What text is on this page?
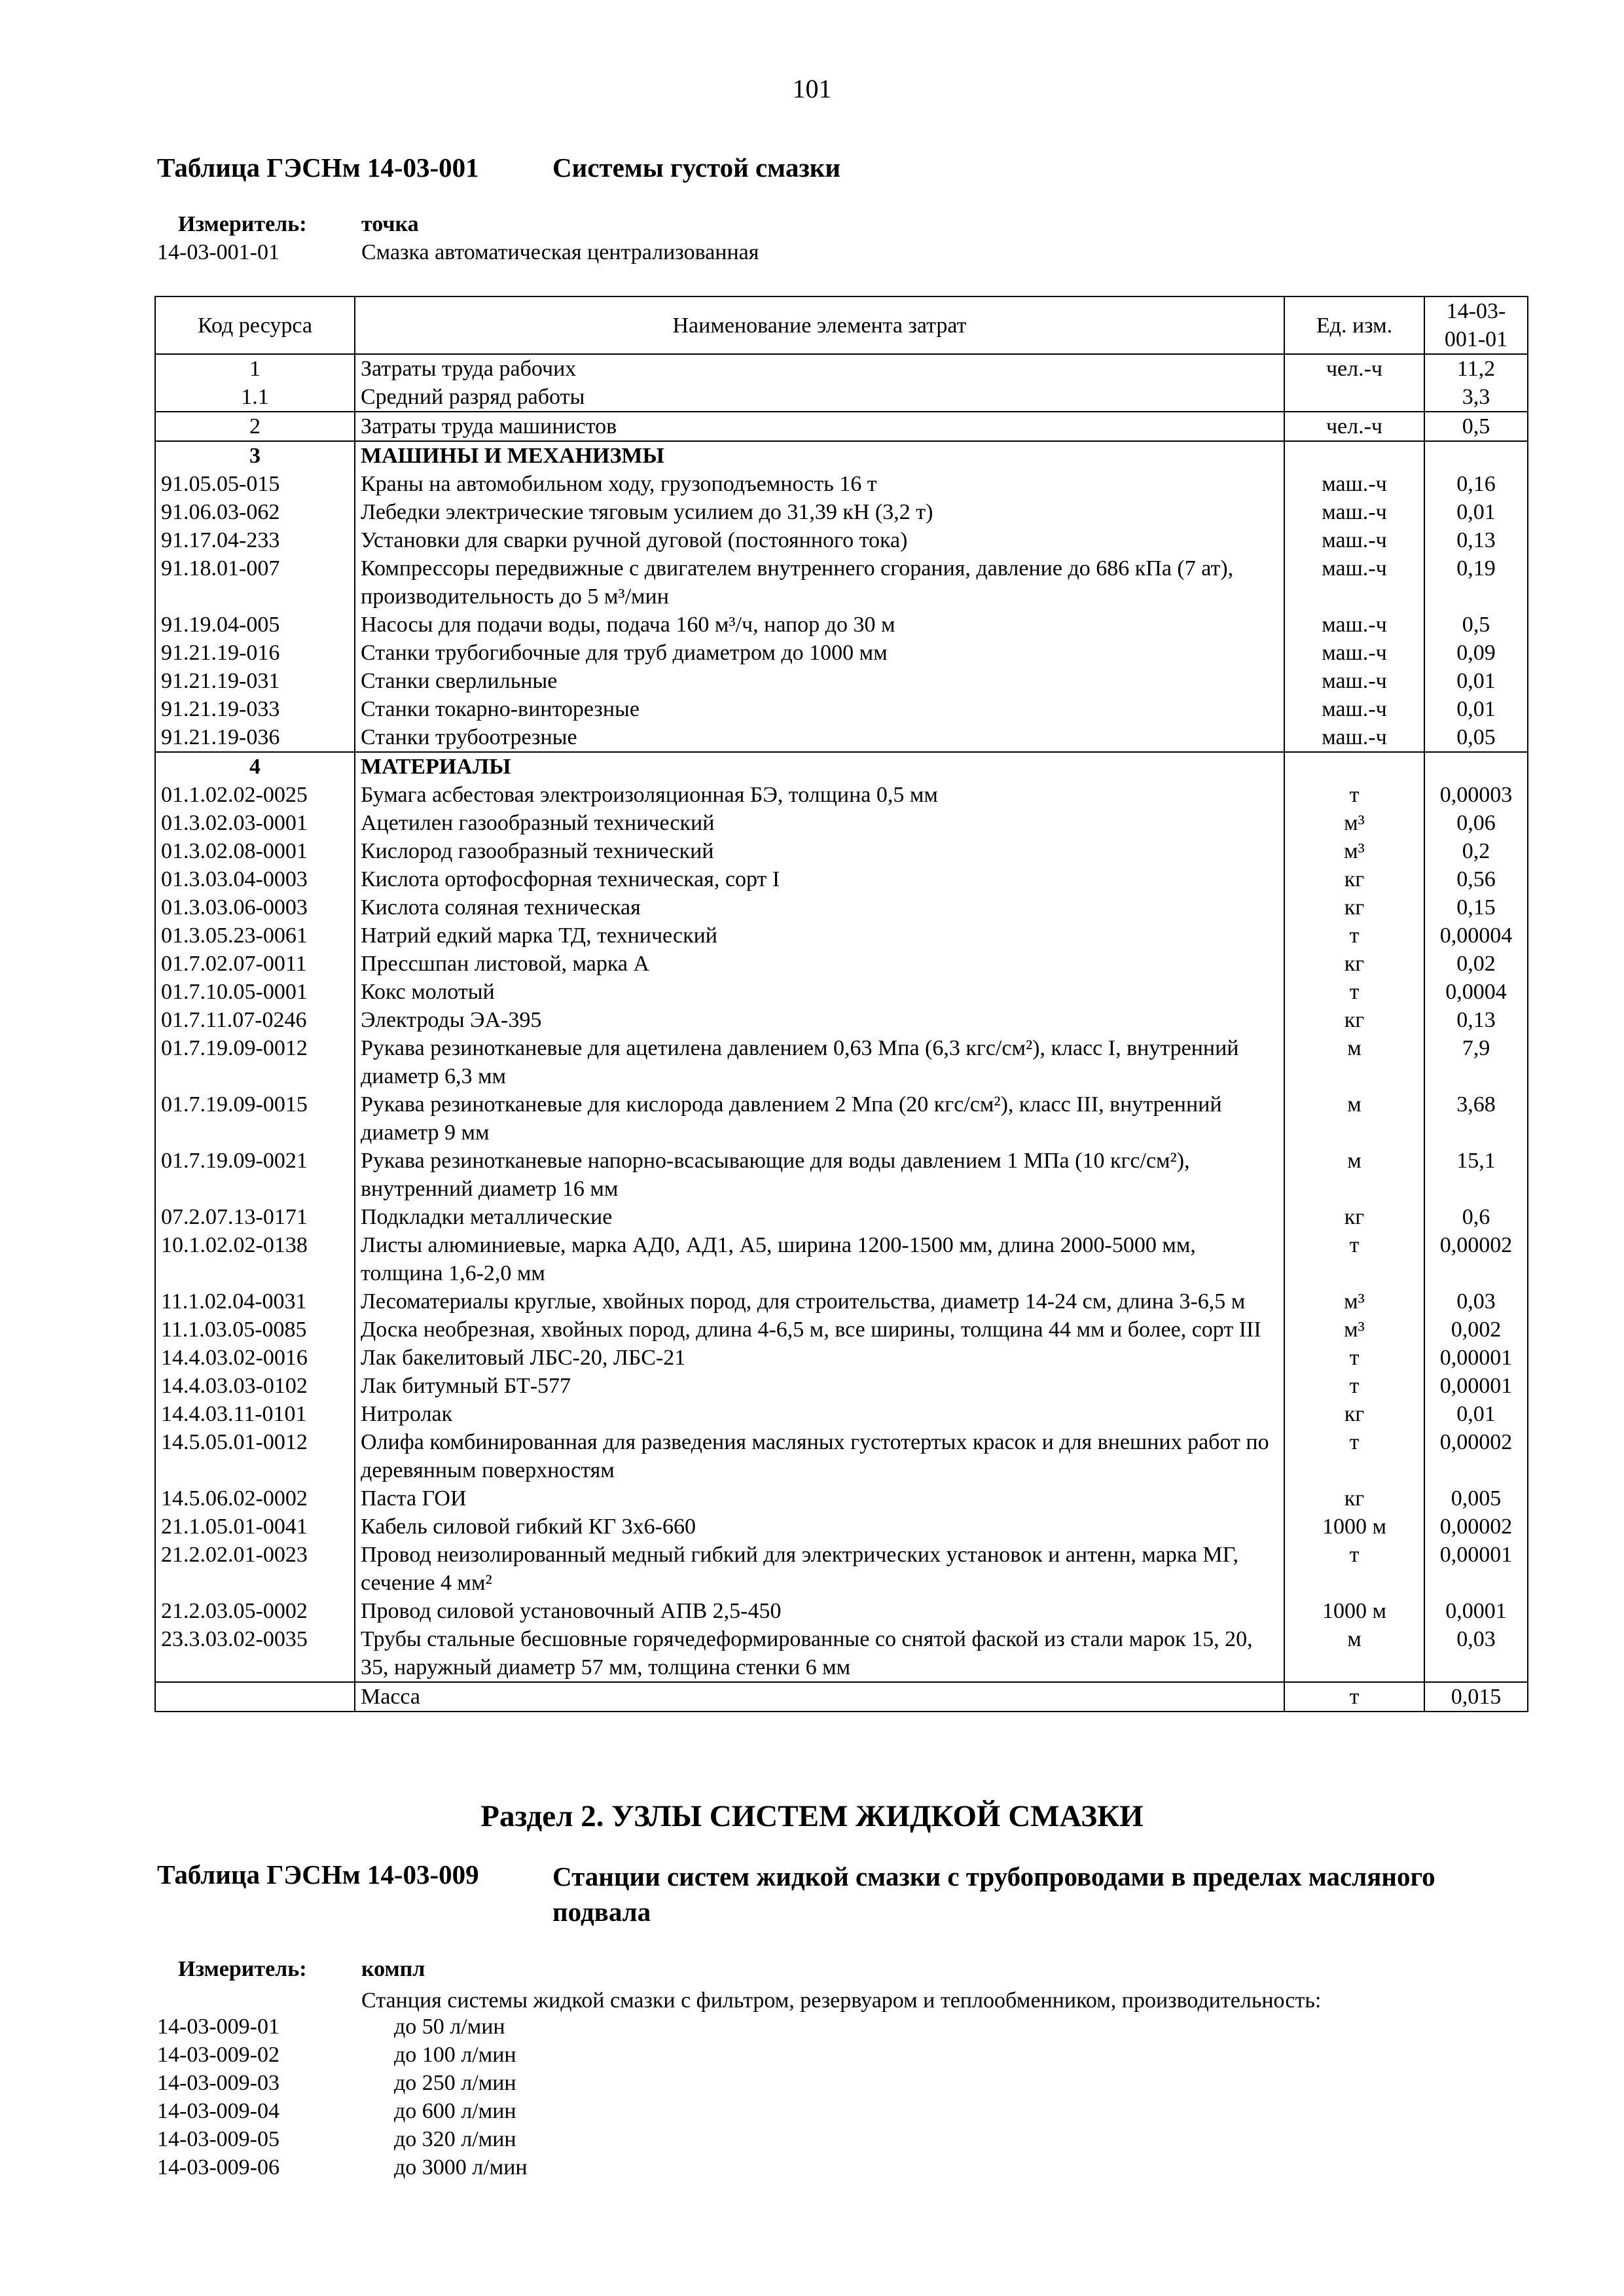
101
Таблица ГЭСНм 14-03-001	Системы густой смазки
Измеритель: точка
14-03-001-01	Смазка автоматическая централизованная
Код ресурса	Наименование элемента затрат	Ед. изм.	14-03-001-01
1	Затраты труда рабочих	чел.-ч	11,2
1.1	Средний разряд работы		3,3
2	Затраты труда машинистов	чел.-ч	0,5
3	МАШИНЫ И МЕХАНИЗМЫ		
91.05.05-015	Краны на автомобильном ходу, грузоподъемность 16 т	маш.-ч	0,16
91.06.03-062	Лебедки электрические тяговым усилием до 31,39 кН (3,2 т)	маш.-ч	0,01
91.17.04-233	Установки для сварки ручной дуговой (постоянного тока)	маш.-ч	0,13
91.18.01-007	Компрессоры передвижные с двигателем внутреннего сгорания, давление до 686 кПа (7 ат), производительность до 5 м³/мин	маш.-ч	0,19
91.19.04-005	Насосы для подачи воды, подача 160 м³/ч, напор до 30 м	маш.-ч	0,5
91.21.19-016	Станки трубогибочные для труб диаметром до 1000 мм	маш.-ч	0,09
91.21.19-031	Станки сверлильные	маш.-ч	0,01
91.21.19-033	Станки токарно-винторезные	маш.-ч	0,01
91.21.19-036	Станки трубоотрезные	маш.-ч	0,05
4	МАТЕРИАЛЫ		
01.1.02.02-0025	Бумага асбестовая электроизоляционная БЭ, толщина 0,5 мм	т	0,00003
01.3.02.03-0001	Ацетилен газообразный технический	м³	0,06
01.3.02.08-0001	Кислород газообразный технический	м³	0,2
01.3.03.04-0003	Кислота ортофосфорная техническая, сорт I	кг	0,56
01.3.03.06-0003	Кислота соляная техническая	кг	0,15
01.3.05.23-0061	Натрий едкий марка ТД, технический	т	0,00004
01.7.02.07-0011	Прессшпан листовой, марка А	кг	0,02
01.7.10.05-0001	Кокс молотый	т	0,0004
01.7.11.07-0246	Электроды ЭА-395	кг	0,13
01.7.19.09-0012	Рукава резинотканевые для ацетилена давлением 0,63 Мпа (6,3 кгс/см²), класс I, внутренний диаметр 6,3 мм	м	7,9
01.7.19.09-0015	Рукава резинотканевые для кислорода давлением 2 Мпа (20 кгс/см²), класс III, внутренний диаметр 9 мм	м	3,68
01.7.19.09-0021	Рукава резинотканевые напорно-всасывающие для воды давлением 1 МПа (10 кгс/см²), внутренний диаметр 16 мм	м	15,1
07.2.07.13-0171	Подкладки металлические	кг	0,6
10.1.02.02-0138	Листы алюминиевые, марка АД0, АД1, А5, ширина 1200-1500 мм, длина 2000-5000 мм, толщина 1,6-2,0 мм	т	0,00002
11.1.02.04-0031	Лесоматериалы круглые, хвойных пород, для строительства, диаметр 14-24 см, длина 3-6,5 м	м³	0,03
11.1.03.05-0085	Доска необрезная, хвойных пород, длина 4-6,5 м, все ширины, толщина 44 мм и более, сорт III	м³	0,002
14.4.03.02-0016	Лак бакелитовый ЛБС-20, ЛБС-21	т	0,00001
14.4.03.03-0102	Лак битумный БТ-577	т	0,00001
14.4.03.11-0101	Нитролак	кг	0,01
14.5.05.01-0012	Олифа комбинированная для разведения масляных густотертых красок и для внешних работ по деревянным поверхностям	т	0,00002
14.5.06.02-0002	Паста ГОИ	кг	0,005
21.1.05.01-0041	Кабель силовой гибкий КГ 3х6-660	1000 м	0,00002
21.2.02.01-0023	Провод неизолированный медный гибкий для электрических установок и антенн, марка МГ, сечение 4 мм²	т	0,00001
21.2.03.05-0002	Провод силовой установочный АПВ 2,5-450	1000 м	0,0001
23.3.03.02-0035	Трубы стальные бесшовные горячедеформированные со снятой фаской из стали марок 15, 20, 35, наружный диаметр 57 мм, толщина стенки 6 мм	м	0,03
	Масса	т	0,015
Раздел 2. УЗЛЫ СИСТЕМ ЖИДКОЙ СМАЗКИ
Таблица ГЭСНм 14-03-009	Станции систем жидкой смазки с трубопроводами в пределах масляного подвала
Измеритель: компл
Станция системы жидкой смазки с фильтром, резервуаром и теплообменником, производительность:
14-03-009-01	до 50 л/мин
14-03-009-02	до 100 л/мин
14-03-009-03	до 250 л/мин
14-03-009-04	до 600 л/мин
14-03-009-05	до 320 л/мин
14-03-009-06	до 3000 л/мин
